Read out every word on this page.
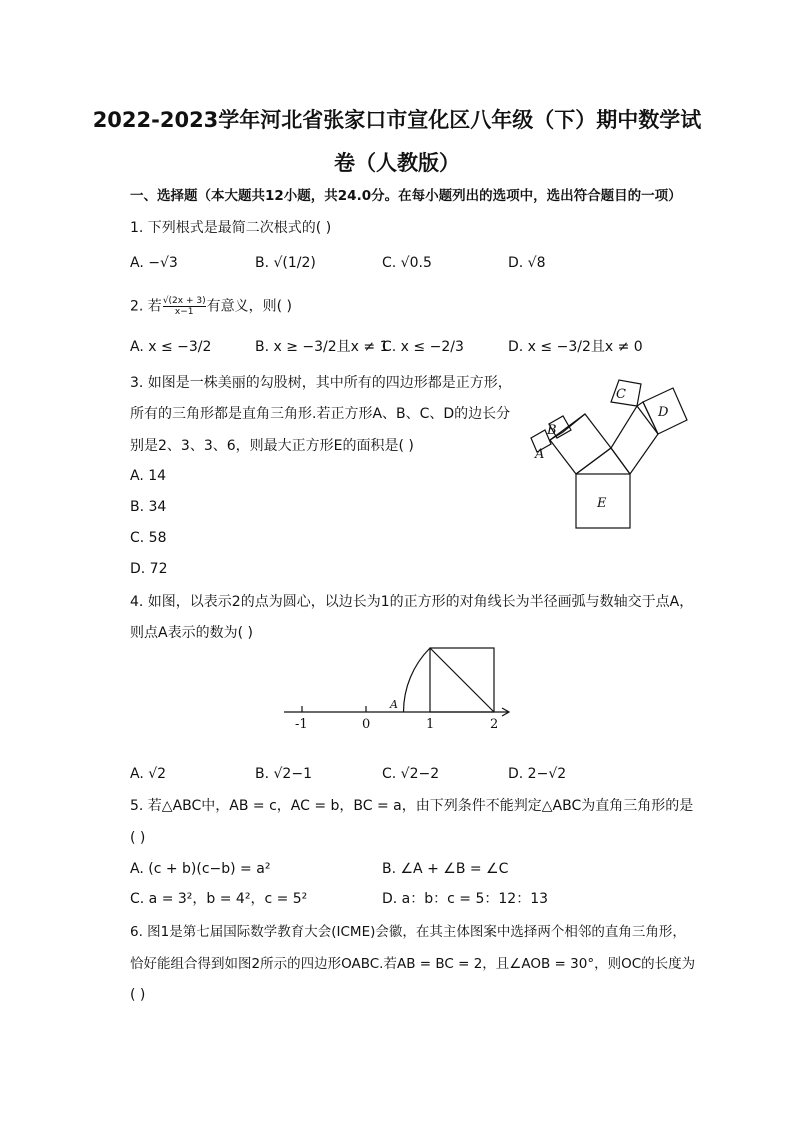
2022-2023学年河北省张家口市宣化区八年级（下）期中数学试
卷（人教版）
一、选择题（本大题共12小题，共24.0分。在每小题列出的选项中，选出符合题目的一项）
1. 下列根式是最简二次根式的( )
A. −√3	B. √(1/2)	C. √0.5	D. √8
2. 若 $\frac{√(2x + 3)}{x-1}$ 有意义，则( )
A. x ≤ −3/2	B. x ≥ −3/2且x ≠ 1
C. x ≤ −2/3	D. x ≤ −3/2且x ≠ 0
3. 如图是一株美丽的勾股树，其中所有的四边形都是正方形，
所有的三角形都是直角三角形.若正方形A、B、C、D的边长分
别是2、3、3、6，则最大正方形E的面积是( )
A. 14
B. 34
C. 58
D. 72
E
B
A
C
D
4. 如图，以表示2的点为圆心，以边长为1的正方形的对角线长为半径画弧与数轴交于点A，
则点A表示的数为( )
-1	0	1	2
A
A. √2	B. √2−1	C. √2−2	D. 2−√2
5. 若△ABC中，AB = c，AC = b，BC = a，由下列条件不能判定△ABC为直角三角形的是
( )
A. (c + b)(c−b) = a²	B. ∠A + ∠B = ∠C
C. a = 3²，b = 4²，c = 5²	D. a：b：c = 5：12：13
6. 图1是第七届国际数学教育大会(ICME)会徽，在其主体图案中选择两个相邻的直角三角形，
恰好能组合得到如图2所示的四边形OABC.若AB = BC = 2，且∠AOB = 30°，则OC的长度为
( )
